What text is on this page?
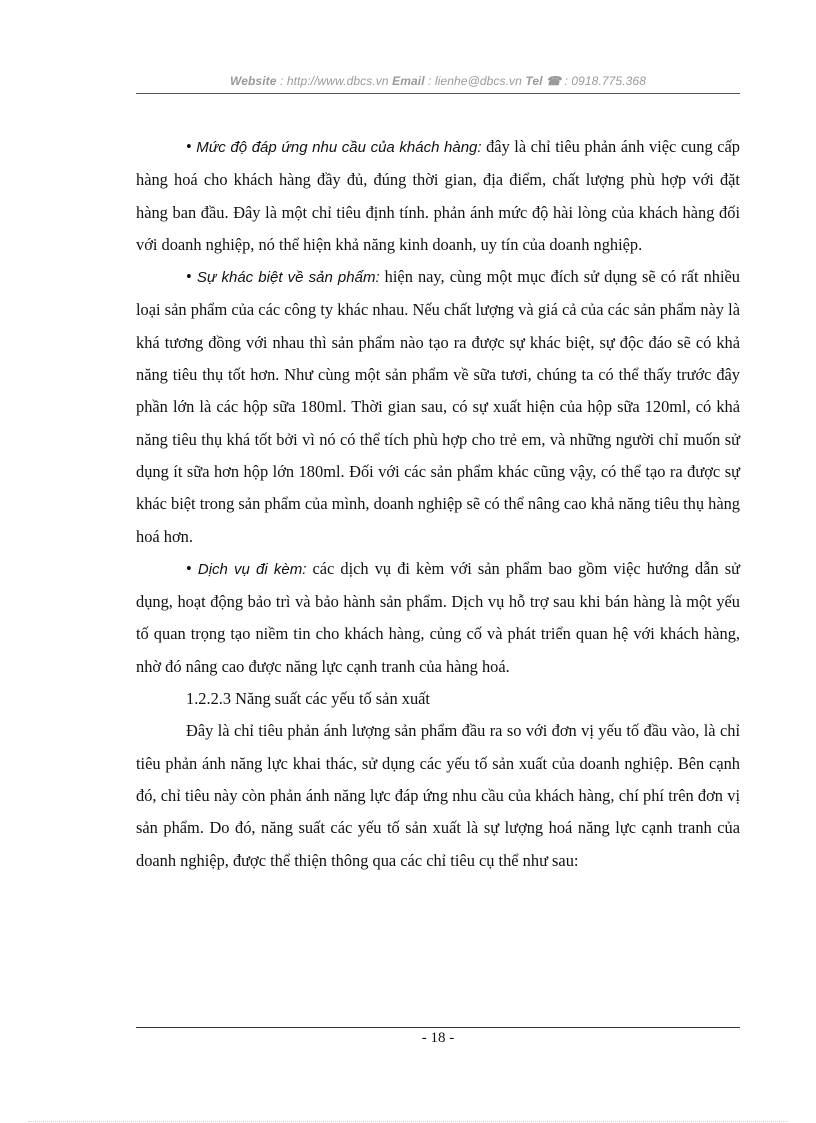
Website : http://www.dbcs.vn Email : lienhe@dbcs.vn Tel ☎ : 0918.775.368

• Mức độ đáp ứng nhu cầu của khách hàng: đây là chỉ tiêu phản ánh việc cung cấp hàng hoá cho khách hàng đầy đủ, đúng thời gian, địa điểm, chất lượng phù hợp với đặt hàng ban đầu. Đây là một chỉ tiêu định tính. phản ánh mức độ hài lòng của khách hàng đối với doanh nghiệp, nó thể hiện khả năng kinh doanh, uy tín của doanh nghiệp.

• Sự khác biệt về sản phẩm: hiện nay, cùng một mục đích sử dụng sẽ có rất nhiều loại sản phẩm của các công ty khác nhau. Nếu chất lượng và giá cả của các sản phẩm này là khá tương đồng với nhau thì sản phẩm nào tạo ra được sự khác biệt, sự độc đáo sẽ có khả năng tiêu thụ tốt hơn. Như cùng một sản phẩm về sữa tươi, chúng ta có thể thấy trước đây phần lớn là các hộp sữa 180ml. Thời gian sau, có sự xuất hiện của hộp sữa 120ml, có khả năng tiêu thụ khá tốt bởi vì nó có thể tích phù hợp cho trẻ em, và những người chỉ muốn sử dụng ít sữa hơn hộp lớn 180ml. Đối với các sản phẩm khác cũng vậy, có thể tạo ra được sự khác biệt trong sản phẩm của mình, doanh nghiệp sẽ có thể nâng cao khả năng tiêu thụ hàng hoá hơn.

• Dịch vụ đi kèm: các dịch vụ đi kèm với sản phẩm bao gồm việc hướng dẫn sử dụng, hoạt động bảo trì và bảo hành sản phẩm. Dịch vụ hỗ trợ sau khi bán hàng là một yếu tố quan trọng tạo niềm tin cho khách hàng, củng cố và phát triển quan hệ với khách hàng, nhờ đó nâng cao được năng lực cạnh tranh của hàng hoá.

1.2.2.3 Năng suất các yếu tố sản xuất

Đây là chỉ tiêu phản ánh lượng sản phẩm đầu ra so với đơn vị yếu tố đầu vào, là chỉ tiêu phản ánh năng lực khai thác, sử dụng các yếu tố sản xuất của doanh nghiệp. Bên cạnh đó, chỉ tiêu này còn phản ánh năng lực đáp ứng nhu cầu của khách hàng, chí phí trên đơn vị sản phẩm. Do đó, năng suất các yếu tố sản xuất là sự lượng hoá năng lực cạnh tranh của doanh nghiệp, được thể thiện thông qua các chỉ tiêu cụ thể như sau:

- 18 -
